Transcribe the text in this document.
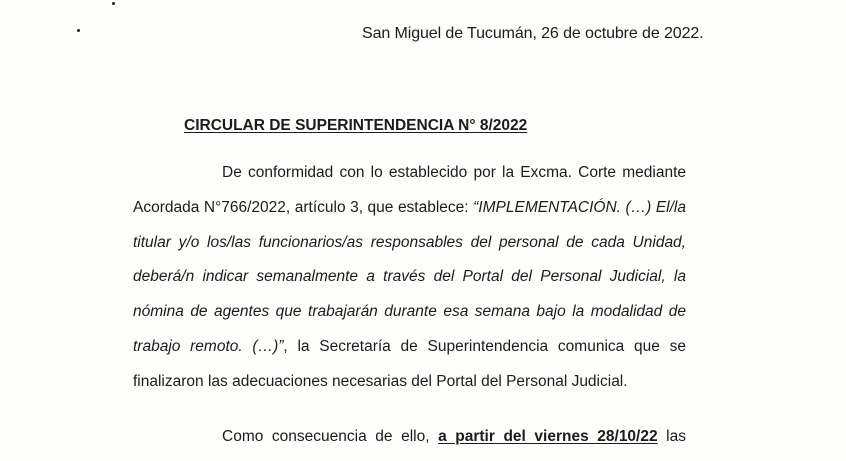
San Miguel de Tucumán, 26 de octubre de 2022.
CIRCULAR DE SUPERINTENDENCIA N° 8/2022
De conformidad con lo establecido por la Excma. Corte mediante Acordada N°766/2022, artículo 3, que establece: “IMPLEMENTACIÓN. (…) El/la titular y/o los/las funcionarios/as responsables del personal de cada Unidad, deberá/n indicar semanalmente a través del Portal del Personal Judicial, la nómina de agentes que trabajarán durante esa semana bajo la modalidad de trabajo remoto. (…)”, la Secretaría de Superintendencia comunica que se finalizaron las adecuaciones necesarias del Portal del Personal Judicial.
Como consecuencia de ello, a partir del viernes 28/10/22 las
